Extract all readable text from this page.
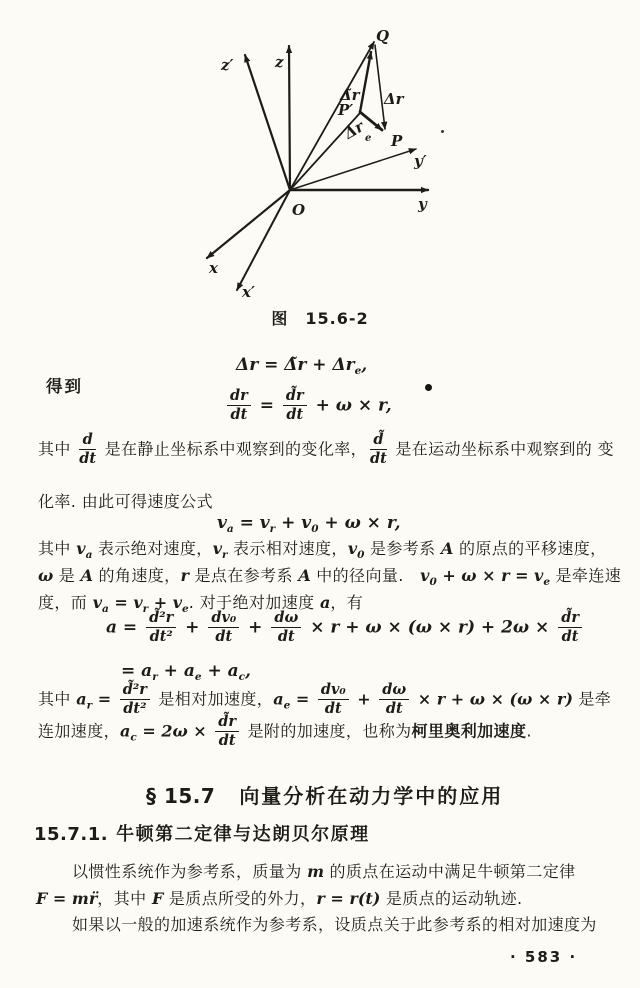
z
z′
Q
Δ̃r Δr
P′
Δr
e P
y′
y
O
x
x′
图　15.6-2
得到
Δr = Δ̃r + $\Delta r_e$,
$\frac{dr}{dt} = \frac{d̃r}{dt} + \omega \times r$,
其中 $\frac{d}{dt}$ 是在静止坐标系中观察到的变化率， $\frac{d̃}{dt}$ 是在运动坐标系中观察到的 变
化率. 由此可得速度公式
$v_a = v_r + v_0 + \omega \times r$,
其中 $v_a$ 表示绝对速度，$v_r$ 表示相对速度，$v_0$ 是参考系 A 的原点的平移速度，
ω 是 A 的角速度，r 是点在参考系 A 中的径向量.　$v_0 + \omega \times r = v_e$ 是牵连速
度，而 $v_a = v_r + v_e$. 对于绝对加速度 a，有
$a = \frac{\text{d̃²r}}{\text{dt²}} + \frac{\text{dv₀}}{dt} + \frac{d\omega}{dt} \times r + \omega \times (\omega \times r) + 2\omega \times \frac{d̃r}{dt}$
= $a_r + a_e + a_c$,
其中 $a_r = \frac{\text{d̃²r}}{\text{dt²}}$ 是相对加速度，$a_e = \frac{\text{dv₀}}{dt} + \frac{d\omega}{dt} \times r + \omega \times (\omega \times r)$ 是牵
连加速度，$a_c = 2\omega \times \frac{d̃r}{dt}$ 是附的加速度，也称为柯里奥利加速度.
§ 15.7 向量分析在动力学中的应用
15.7.1. 牛顿第二定律与达朗贝尔原理
以惯性系统作为参考系，质量为 m 的质点在运动中满足牛顿第二定律
F = mr̈，其中 F 是质点所受的外力，r = r(t) 是质点的运动轨迹.
如果以一般的加速系统作为参考系，设质点关于此参考系的相对加速度为
· 583 ·
